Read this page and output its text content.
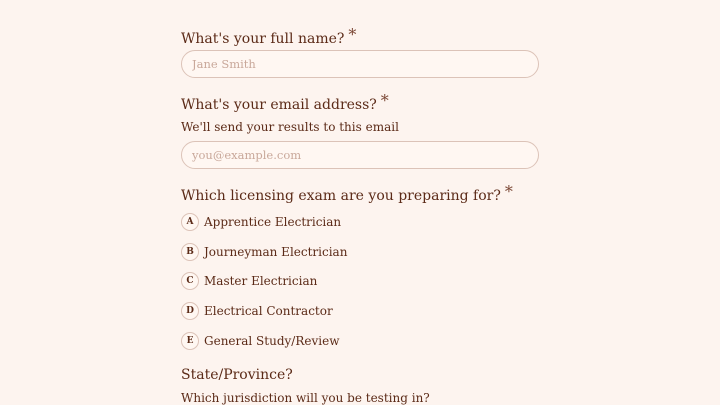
What's your full name? *
Jane Smith
What's your email address? *
We'll send your results to this email
you@example.com
Which licensing exam are you preparing for? *
A Apprentice Electrician
B Journeyman Electrician
C Master Electrician
D Electrical Contractor
E General Study/Review
State/Province?
Which jurisdiction will you be testing in?
